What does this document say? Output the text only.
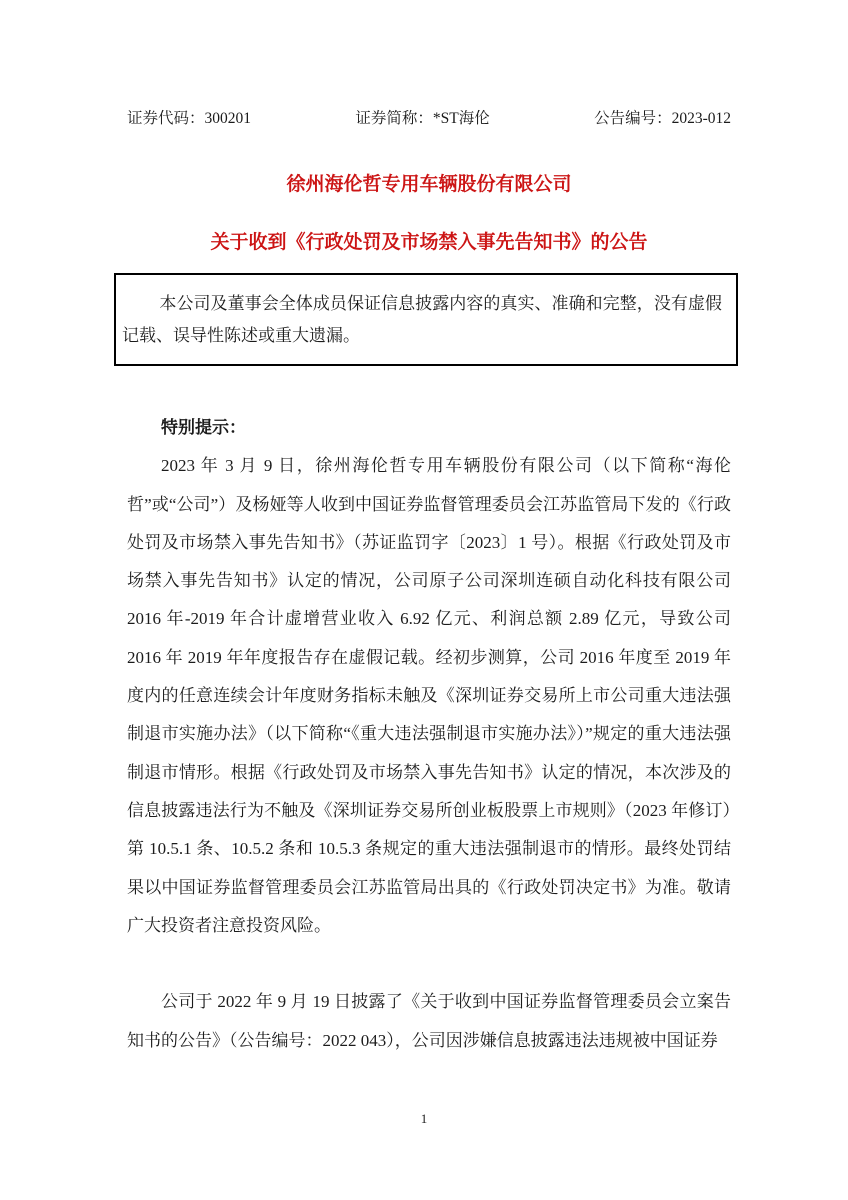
证券代码：300201	证券简称：*ST海伦	公告编号：2023-012
徐州海伦哲专用车辆股份有限公司
关于收到《行政处罚及市场禁入事先告知书》的公告

本公司及董事会全体成员保证信息披露内容的真实、准确和完整，没有虚假记载、误导性陈述或重大遗漏。

特别提示：

2023 年 3 月 9 日，徐州海伦哲专用车辆股份有限公司（以下简称“海伦哲”或“公司”）及杨娅等人收到中国证券监督管理委员会江苏监管局下发的《行政处罚及市场禁入事先告知书》（苏证监罚字〔2023〕1 号）。根据《行政处罚及市场禁入事先告知书》认定的情况，公司原子公司深圳连硕自动化科技有限公司 2016 年-2019 年合计虚增营业收入 6.92 亿元、利润总额 2.89 亿元，导致公司 2016 年 2019 年年度报告存在虚假记载。经初步测算，公司 2016 年度至 2019 年度内的任意连续会计年度财务指标未触及《深圳证券交易所上市公司重大违法强制退市实施办法》（以下简称“《重大违法强制退市实施办法》）”规定的重大违法强制退市情形。根据《行政处罚及市场禁入事先告知书》认定的情况，本次涉及的信息披露违法行为不触及《深圳证券交易所创业板股票上市规则》（2023 年修订）第 10.5.1 条、10.5.2 条和 10.5.3 条规定的重大违法强制退市的情形。最终处罚结果以中国证券监督管理委员会江苏监管局出具的《行政处罚决定书》为准。敬请广大投资者注意投资风险。

公司于 2022 年 9 月 19 日披露了《关于收到中国证券监督管理委员会立案告知书的公告》（公告编号：2022 043），公司因涉嫌信息披露违法违规被中国证券

1
